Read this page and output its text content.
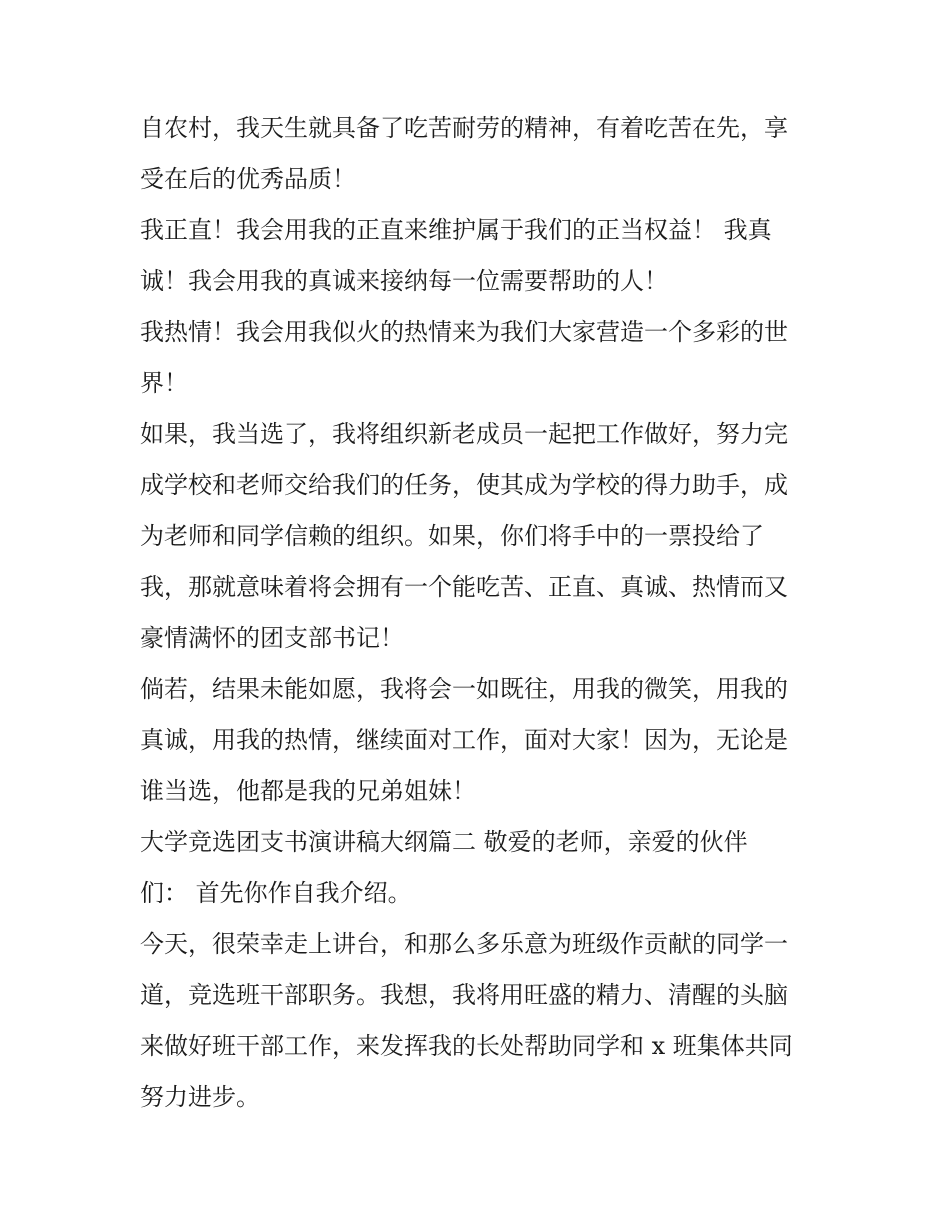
自农村，我天生就具备了吃苦耐劳的精神，有着吃苦在先，享
受在后的优秀品质！
我正直！我会用我的正直来维护属于我们的正当权益！ 我真
诚！我会用我的真诚来接纳每一位需要帮助的人！
我热情！我会用我似火的热情来为我们大家营造一个多彩的世
界！
如果，我当选了，我将组织新老成员一起把工作做好，努力完
成学校和老师交给我们的任务，使其成为学校的得力助手，成
为老师和同学信赖的组织。如果，你们将手中的一票投给了
我，那就意味着将会拥有一个能吃苦、正直、真诚、热情而又
豪情满怀的团支部书记！
倘若，结果未能如愿，我将会一如既往，用我的微笑，用我的
真诚，用我的热情，继续面对工作，面对大家！因为，无论是
谁当选，他都是我的兄弟姐妹！
大学竞选团支书演讲稿大纲篇二 敬爱的老师，亲爱的伙伴
们： 首先你作自我介绍。
今天，很荣幸走上讲台，和那么多乐意为班级作贡献的同学一
道，竞选班干部职务。我想，我将用旺盛的精力、清醒的头脑
来做好班干部工作，来发挥我的长处帮助同学和 x 班集体共同
努力进步。
